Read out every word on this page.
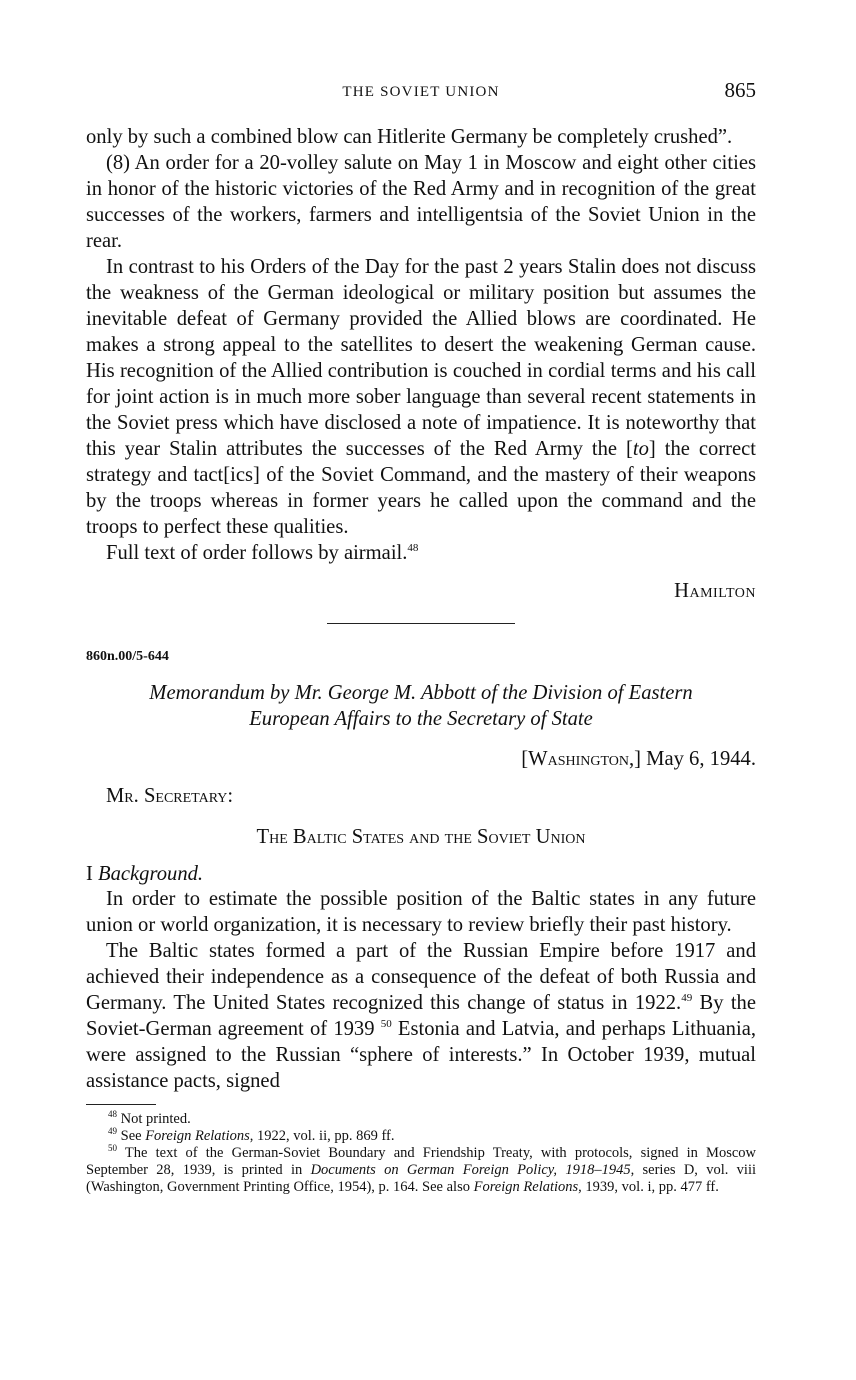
THE SOVIET UNION	865

only by such a combined blow can Hitlerite Germany be completely crushed”.

(8) An order for a 20-volley salute on May 1 in Moscow and eight other cities in honor of the historic victories of the Red Army and in recognition of the great successes of the workers, farmers and intelligentsia of the Soviet Union in the rear.

In contrast to his Orders of the Day for the past 2 years Stalin does not discuss the weakness of the German ideological or military position but assumes the inevitable defeat of Germany provided the Allied blows are coordinated. He makes a strong appeal to the satellites to desert the weakening German cause. His recognition of the Allied contribution is couched in cordial terms and his call for joint action is in much more sober language than several recent statements in the Soviet press which have disclosed a note of impatience. It is noteworthy that this year Stalin attributes the successes of the Red Army the [to] the correct strategy and tact[ics] of the Soviet Command, and the mastery of their weapons by the troops whereas in former years he called upon the command and the troops to perfect these qualities.

Full text of order follows by airmail.$^{48}$

Hamilton
860n.00/5-644
Memorandum by Mr. George M. Abbott of the Division of Eastern
European Affairs to the Secretary of State
[Washington,] May 6, 1944.
Mr. Secretary:
The Baltic States and the Soviet Union
I Background.

In order to estimate the possible position of the Baltic states in any future union or world organization, it is necessary to review briefly their past history.

The Baltic states formed a part of the Russian Empire before 1917 and achieved their independence as a consequence of the defeat of both Russia and Germany. The United States recognized this change of status in 1922.49 By the Soviet-German agreement of 1939 $^{50}$ Estonia and Latvia, and perhaps Lithuania, were assigned to the Russian “sphere of interests.” In October 1939, mutual assistance pacts, signed

$^{48}$ Not printed.
$^{49}$ See Foreign Relations, 1922, vol. ii, pp. 869 ff.
$^{50}$ The text of the German-Soviet Boundary and Friendship Treaty, with protocols, signed in Moscow September 28, 1939, is printed in Documents on German Foreign Policy, 1918–1945, series D, vol. viii (Washington, Government Printing Office, 1954), p. 164. See also Foreign Relations, 1939, vol. i, pp. 477 ff.
